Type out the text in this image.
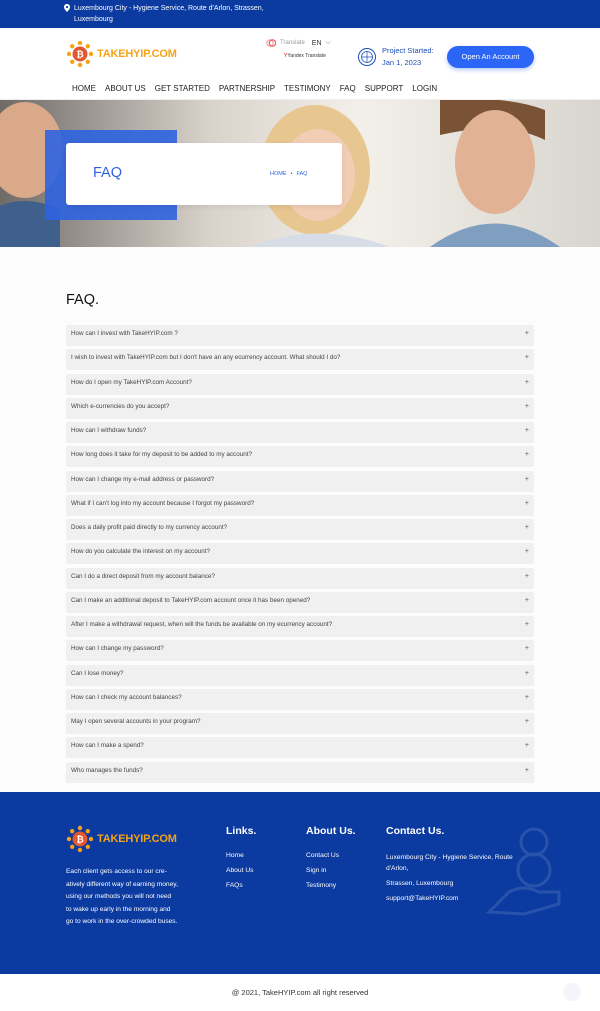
Luxembourg City - Hygiene Service, Route d'Arlon, Strassen, Luxembourg
₿ TAKEHYIP.COM
Translate EN ⌵
YYandex Translate
Project Started:
Jan 1, 2023
Open An Account
HOME ABOUT US GET STARTED PARTNERSHIP TESTIMONY FAQ SUPPORT LOGIN
FAQ	HOME • FAQ
FAQ.
How can I invest with TakeHYIP.com ?	+
I wish to invest with TakeHYIP.com but I don't have an any ecurrency account. What should I do?	+
How do I open my TakeHYIP.com Account?	+
Which e-currencies do you accept?	+
How can I withdraw funds?	+
How long does it take for my deposit to be added to my account?	+
How can I change my e-mail address or password?	+
What if I can't log into my account because I forgot my password?	+
Does a daily profit paid directly to my currency account?	+
How do you calculate the interest on my account?	+
Can I do a direct deposit from my account balance?	+
Can I make an additional deposit to TakeHYIP.com account once it has been opened?	+
After I make a withdrawal request, when will the funds be available on my ecurrency account?	+
How can I change my password?	+
Can I lose money?	+
How can I check my account balances?	+
May I open several accounts in your program?	+
How can I make a spend?	+
Who manages the funds?	+
₿ TAKEHYIP.COM
Each client gets access to our cre-atively different way of earning money, using our methods you will not need to wake up early in the morning and go to work in the over-crowded buses.
Links.
Home
About Us
FAQs
About Us.
Contact Us
Sign in
Testimony
Contact Us.
Luxembourg City - Hygiene Service, Route d'Arlon,
Strassen, Luxembourg
support@TakeHYIP.com
@ 2021, TakeHYIP.com all right reserved
